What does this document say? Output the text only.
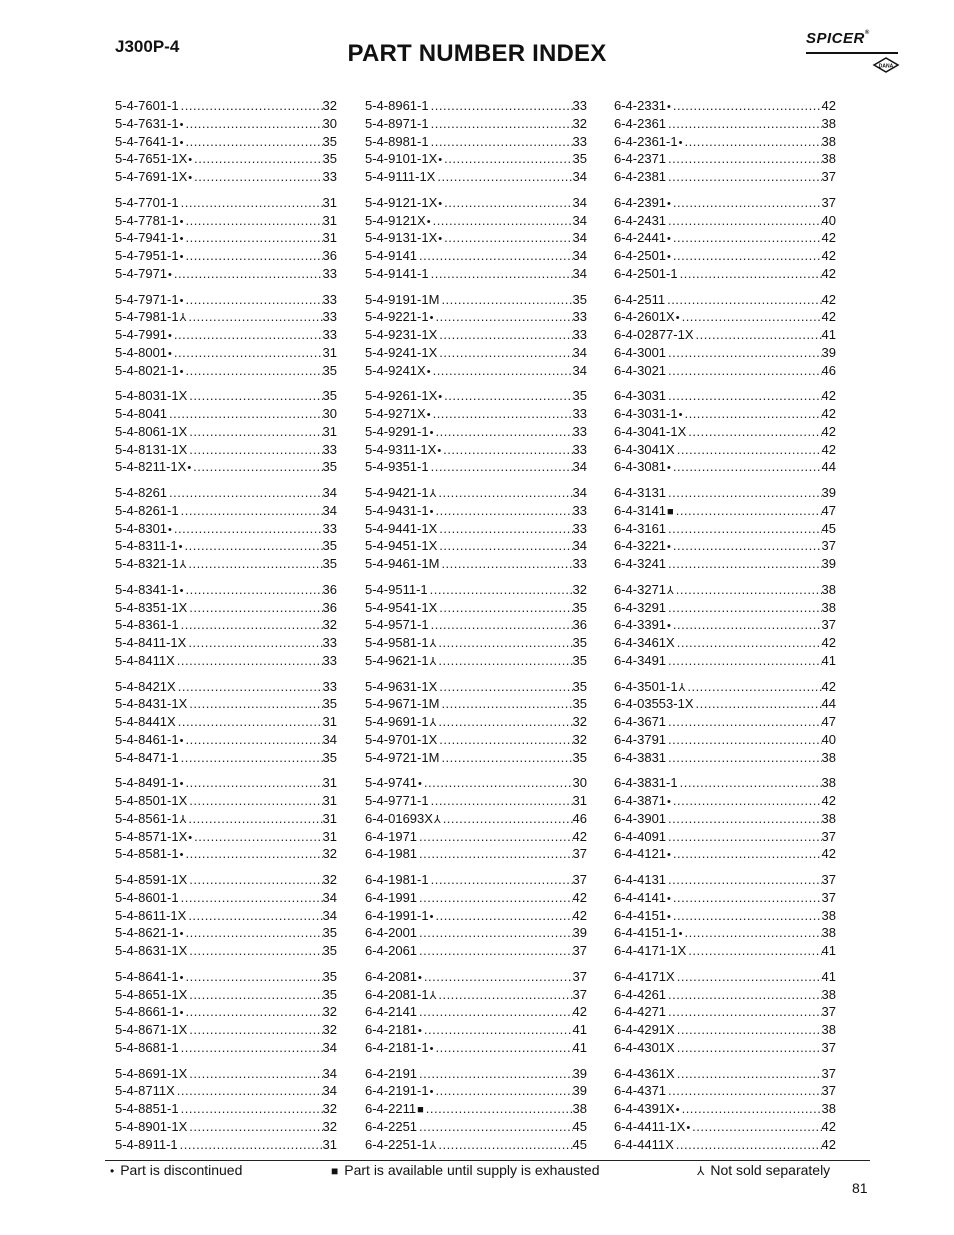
J300P-4	PART NUMBER INDEX
SPICER®
DANA
5-4-7601-1 .....	32
5-4-7631-1 • .....	30
5-4-7641-1 • .....	35
5-4-7651-1X • .....	35
5-4-7691-1X • .....	33
5-4-7701-1 .....	31
5-4-7781-1 • .....	31
5-4-7941-1 • .....	31
5-4-7951-1 • .....	36
5-4-7971 • .....	33
5-4-7971-1 • .....	33
5-4-7981-1 ⅄ .....	33
5-4-7991 • .....	33
5-4-8001 • .....	31
5-4-8021-1 • .....	35
5-4-8031-1X .....	35
5-4-8041 .....	30
5-4-8061-1X .....	31
5-4-8131-1X .....	33
5-4-8211-1X • .....	35
5-4-8261 .....	34
5-4-8261-1 .....	34
5-4-8301 • .....	33
5-4-8311-1 • .....	35
5-4-8321-1 ⅄ .....	35
5-4-8341-1 • .....	36
5-4-8351-1X .....	36
5-4-8361-1 .....	32
5-4-8411-1X .....	33
5-4-8411X .....	33
5-4-8421X .....	33
5-4-8431-1X .....	35
5-4-8441X .....	31
5-4-8461-1 • .....	34
5-4-8471-1 .....	35
5-4-8491-1 • .....	31
5-4-8501-1X .....	31
5-4-8561-1 ⅄ .....	31
5-4-8571-1X • .....	31
5-4-8581-1 • .....	32
5-4-8591-1X .....	32
5-4-8601-1 .....	34
5-4-8611-1X .....	34
5-4-8621-1 • .....	35
5-4-8631-1X .....	35
5-4-8641-1 • .....	35
5-4-8651-1X .....	35
5-4-8661-1 • .....	32
5-4-8671-1X .....	32
5-4-8681-1 .....	34
5-4-8691-1X .....	34
5-4-8711X .....	34
5-4-8851-1 .....	32
5-4-8901-1X .....	32
5-4-8911-1 .....	31
5-4-8961-1 .....	33
5-4-8971-1 .....	32
5-4-8981-1 .....	33
5-4-9101-1X • .....	35
5-4-9111-1X .....	34
5-4-9121-1X • .....	34
5-4-9121X • .....	34
5-4-9131-1X • .....	34
5-4-9141 .....	34
5-4-9141-1 .....	34
5-4-9191-1M .....	35
5-4-9221-1 • .....	33
5-4-9231-1X .....	33
5-4-9241-1X .....	34
5-4-9241X • .....	34
5-4-9261-1X • .....	35
5-4-9271X • .....	33
5-4-9291-1 • .....	33
5-4-9311-1X • .....	33
5-4-9351-1 .....	34
5-4-9421-1 ⅄ .....	34
5-4-9431-1 • .....	33
5-4-9441-1X .....	33
5-4-9451-1X .....	34
5-4-9461-1M .....	33
5-4-9511-1 .....	32
5-4-9541-1X .....	35
5-4-9571-1 .....	36
5-4-9581-1 ⅄ .....	35
5-4-9621-1 ⅄ .....	35
5-4-9631-1X .....	35
5-4-9671-1M .....	35
5-4-9691-1 ⅄ .....	32
5-4-9701-1X .....	32
5-4-9721-1M .....	35
5-4-9741 • .....	30
5-4-9771-1 .....	31
6-4-01693X ⅄ .....	46
6-4-1971 .....	42
6-4-1981 .....	37
6-4-1981-1 .....	37
6-4-1991 .....	42
6-4-1991-1 • .....	42
6-4-2001 .....	39
6-4-2061 .....	37
6-4-2081 • .....	37
6-4-2081-1 ⅄ .....	37
6-4-2141 .....	42
6-4-2181 • .....	41
6-4-2181-1 • .....	41
6-4-2191 .....	39
6-4-2191-1 • .....	39
6-4-2211 ■ .....	38
6-4-2251 .....	45
6-4-2251-1 ⅄ .....	45
6-4-2331 • .....	42
6-4-2361 .....	38
6-4-2361-1 • .....	38
6-4-2371 .....	38
6-4-2381 .....	37
6-4-2391 • .....	37
6-4-2431 .....	40
6-4-2441 • .....	42
6-4-2501 • .....	42
6-4-2501-1 .....	42
6-4-2511 .....	42
6-4-2601X • .....	42
6-4-02877-1X .....	41
6-4-3001 .....	39
6-4-3021 .....	46
6-4-3031 .....	42
6-4-3031-1 • .....	42
6-4-3041-1X .....	42
6-4-3041X .....	42
6-4-3081 • .....	44
6-4-3131 .....	39
6-4-3141 ■ .....	47
6-4-3161 .....	45
6-4-3221 • .....	37
6-4-3241 .....	39
6-4-3271 ⅄ .....	38
6-4-3291 .....	38
6-4-3391 • .....	37
6-4-3461X .....	42
6-4-3491 .....	41
6-4-3501-1 ⅄ .....	42
6-4-03553-1X .....	44
6-4-3671 .....	47
6-4-3791 .....	40
6-4-3831 .....	38
6-4-3831-1 .....	38
6-4-3871 • .....	42
6-4-3901 .....	38
6-4-4091 .....	37
6-4-4121 • .....	42
6-4-4131 .....	37
6-4-4141 • .....	37
6-4-4151 • .....	38
6-4-4151-1 • .....	38
6-4-4171-1X .....	41
6-4-4171X .....	41
6-4-4261 .....	38
6-4-4271 .....	37
6-4-4291X .....	38
6-4-4301X .....	37
6-4-4361X .....	37
6-4-4371 .....	37
6-4-4391X • .....	38
6-4-4411-1X • .....	42
6-4-4411X .....	42
• Part is discontinued	■ Part is available until supply is exhausted	⅄ Not sold separately
81
